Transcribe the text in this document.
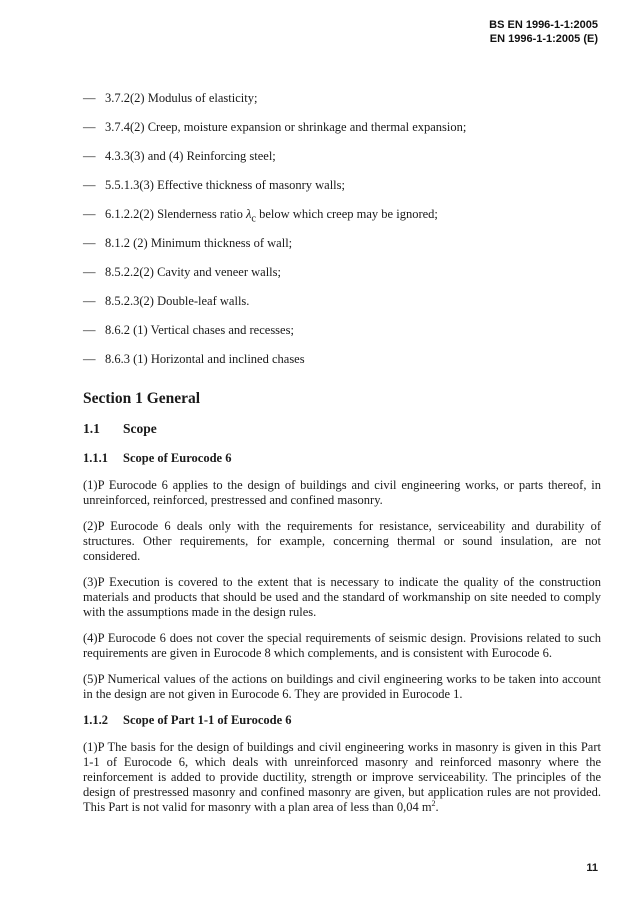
BS EN 1996-1-1:2005
EN 1996-1-1:2005 (E)
— 3.7.2(2) Modulus of elasticity;
— 3.7.4(2) Creep, moisture expansion or shrinkage and thermal expansion;
— 4.3.3(3) and (4) Reinforcing steel;
— 5.5.1.3(3) Effective thickness of masonry walls;
— 6.1.2.2(2) Slenderness ratio $\lambda_c$ below which creep may be ignored;
— 8.1.2 (2) Minimum thickness of wall;
— 8.5.2.2(2) Cavity and veneer walls;
— 8.5.2.3(2) Double-leaf walls.
— 8.6.2 (1) Vertical chases and recesses;
— 8.6.3 (1) Horizontal and inclined chases
Section 1 General
1.1 Scope
1.1.1 Scope of Eurocode 6

(1)P Eurocode 6 applies to the design of buildings and civil engineering works, or parts thereof, in unreinforced, reinforced, prestressed and confined masonry.

(2)P Eurocode 6 deals only with the requirements for resistance, serviceability and durability of structures. Other requirements, for example, concerning thermal or sound insulation, are not considered.

(3)P Execution is covered to the extent that is necessary to indicate the quality of the construction materials and products that should be used and the standard of workmanship on site needed to comply with the assumptions made in the design rules.

(4)P Eurocode 6 does not cover the special requirements of seismic design. Provisions related to such requirements are given in Eurocode 8 which complements, and is consistent with Eurocode 6.

(5)P Numerical values of the actions on buildings and civil engineering works to be taken into account in the design are not given in Eurocode 6. They are provided in Eurocode 1.

1.1.2 Scope of Part 1-1 of Eurocode 6

(1)P The basis for the design of buildings and civil engineering works in masonry is given in this Part 1-1 of Eurocode 6, which deals with unreinforced masonry and reinforced masonry where the reinforcement is added to provide ductility, strength or improve serviceability. The principles of the design of prestressed masonry and confined masonry are given, but application rules are not provided. This Part is not valid for masonry with a plan area of less than 0,04 $m^2$.

11
